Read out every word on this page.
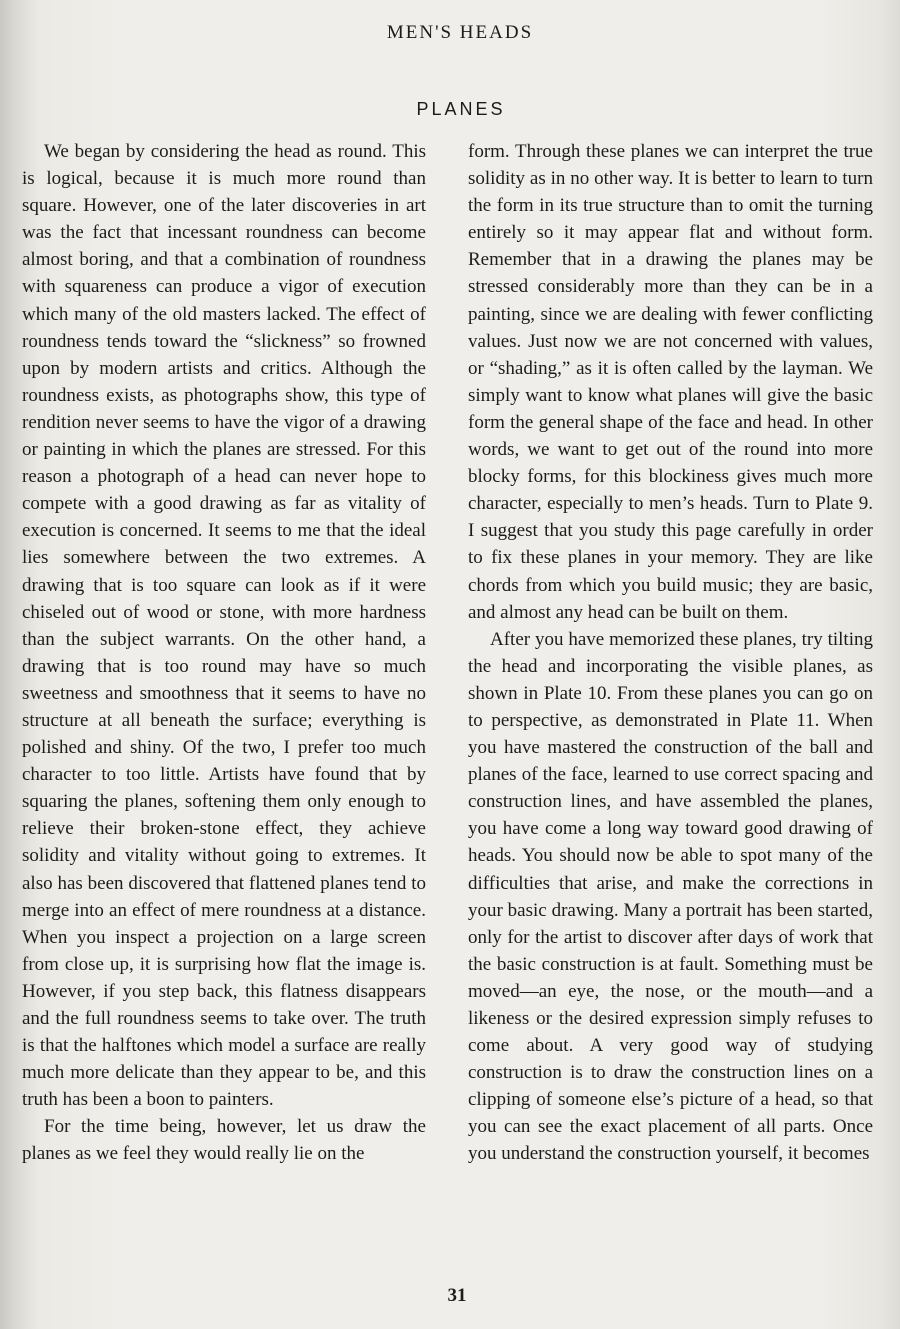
MEN'S HEADS
PLANES

We began by considering the head as round. This is logical, because it is much more round than square. However, one of the later discoveries in art was the fact that incessant roundness can become almost boring, and that a combination of roundness with squareness can produce a vigor of execution which many of the old masters lacked. The effect of roundness tends toward the “slickness” so frowned upon by modern artists and critics. Although the roundness exists, as photographs show, this type of rendition never seems to have the vigor of a drawing or painting in which the planes are stressed. For this reason a photograph of a head can never hope to compete with a good drawing as far as vitality of execution is concerned. It seems to me that the ideal lies somewhere between the two extremes. A drawing that is too square can look as if it were chiseled out of wood or stone, with more hardness than the subject warrants. On the other hand, a drawing that is too round may have so much sweetness and smoothness that it seems to have no structure at all beneath the surface; everything is polished and shiny. Of the two, I prefer too much character to too little. Artists have found that by squaring the planes, softening them only enough to relieve their broken-stone effect, they achieve solidity and vitality without going to extremes. It also has been discovered that flattened planes tend to merge into an effect of mere roundness at a distance. When you inspect a projection on a large screen from close up, it is surprising how flat the image is. However, if you step back, this flatness disappears and the full roundness seems to take over. The truth is that the halftones which model a surface are really much more delicate than they appear to be, and this truth has been a boon to painters.

For the time being, however, let us draw the planes as we feel they would really lie on the

form. Through these planes we can interpret the true solidity as in no other way. It is better to learn to turn the form in its true structure than to omit the turning entirely so it may appear flat and without form. Remember that in a drawing the planes may be stressed considerably more than they can be in a painting, since we are dealing with fewer conflicting values. Just now we are not concerned with values, or “shading,” as it is often called by the layman. We simply want to know what planes will give the basic form the general shape of the face and head. In other words, we want to get out of the round into more blocky forms, for this blockiness gives much more character, especially to men’s heads. Turn to Plate 9. I suggest that you study this page carefully in order to fix these planes in your memory. They are like chords from which you build music; they are basic, and almost any head can be built on them.

After you have memorized these planes, try tilting the head and incorporating the visible planes, as shown in Plate 10. From these planes you can go on to perspective, as demonstrated in Plate 11. When you have mastered the construction of the ball and planes of the face, learned to use correct spacing and construction lines, and have assembled the planes, you have come a long way toward good drawing of heads. You should now be able to spot many of the difficulties that arise, and make the corrections in your basic drawing. Many a portrait has been started, only for the artist to discover after days of work that the basic construction is at fault. Something must be moved—an eye, the nose, or the mouth—and a likeness or the desired expression simply refuses to come about. A very good way of studying construction is to draw the construction lines on a clipping of someone else’s picture of a head, so that you can see the exact placement of all parts. Once you understand the construction yourself, it becomes

31
